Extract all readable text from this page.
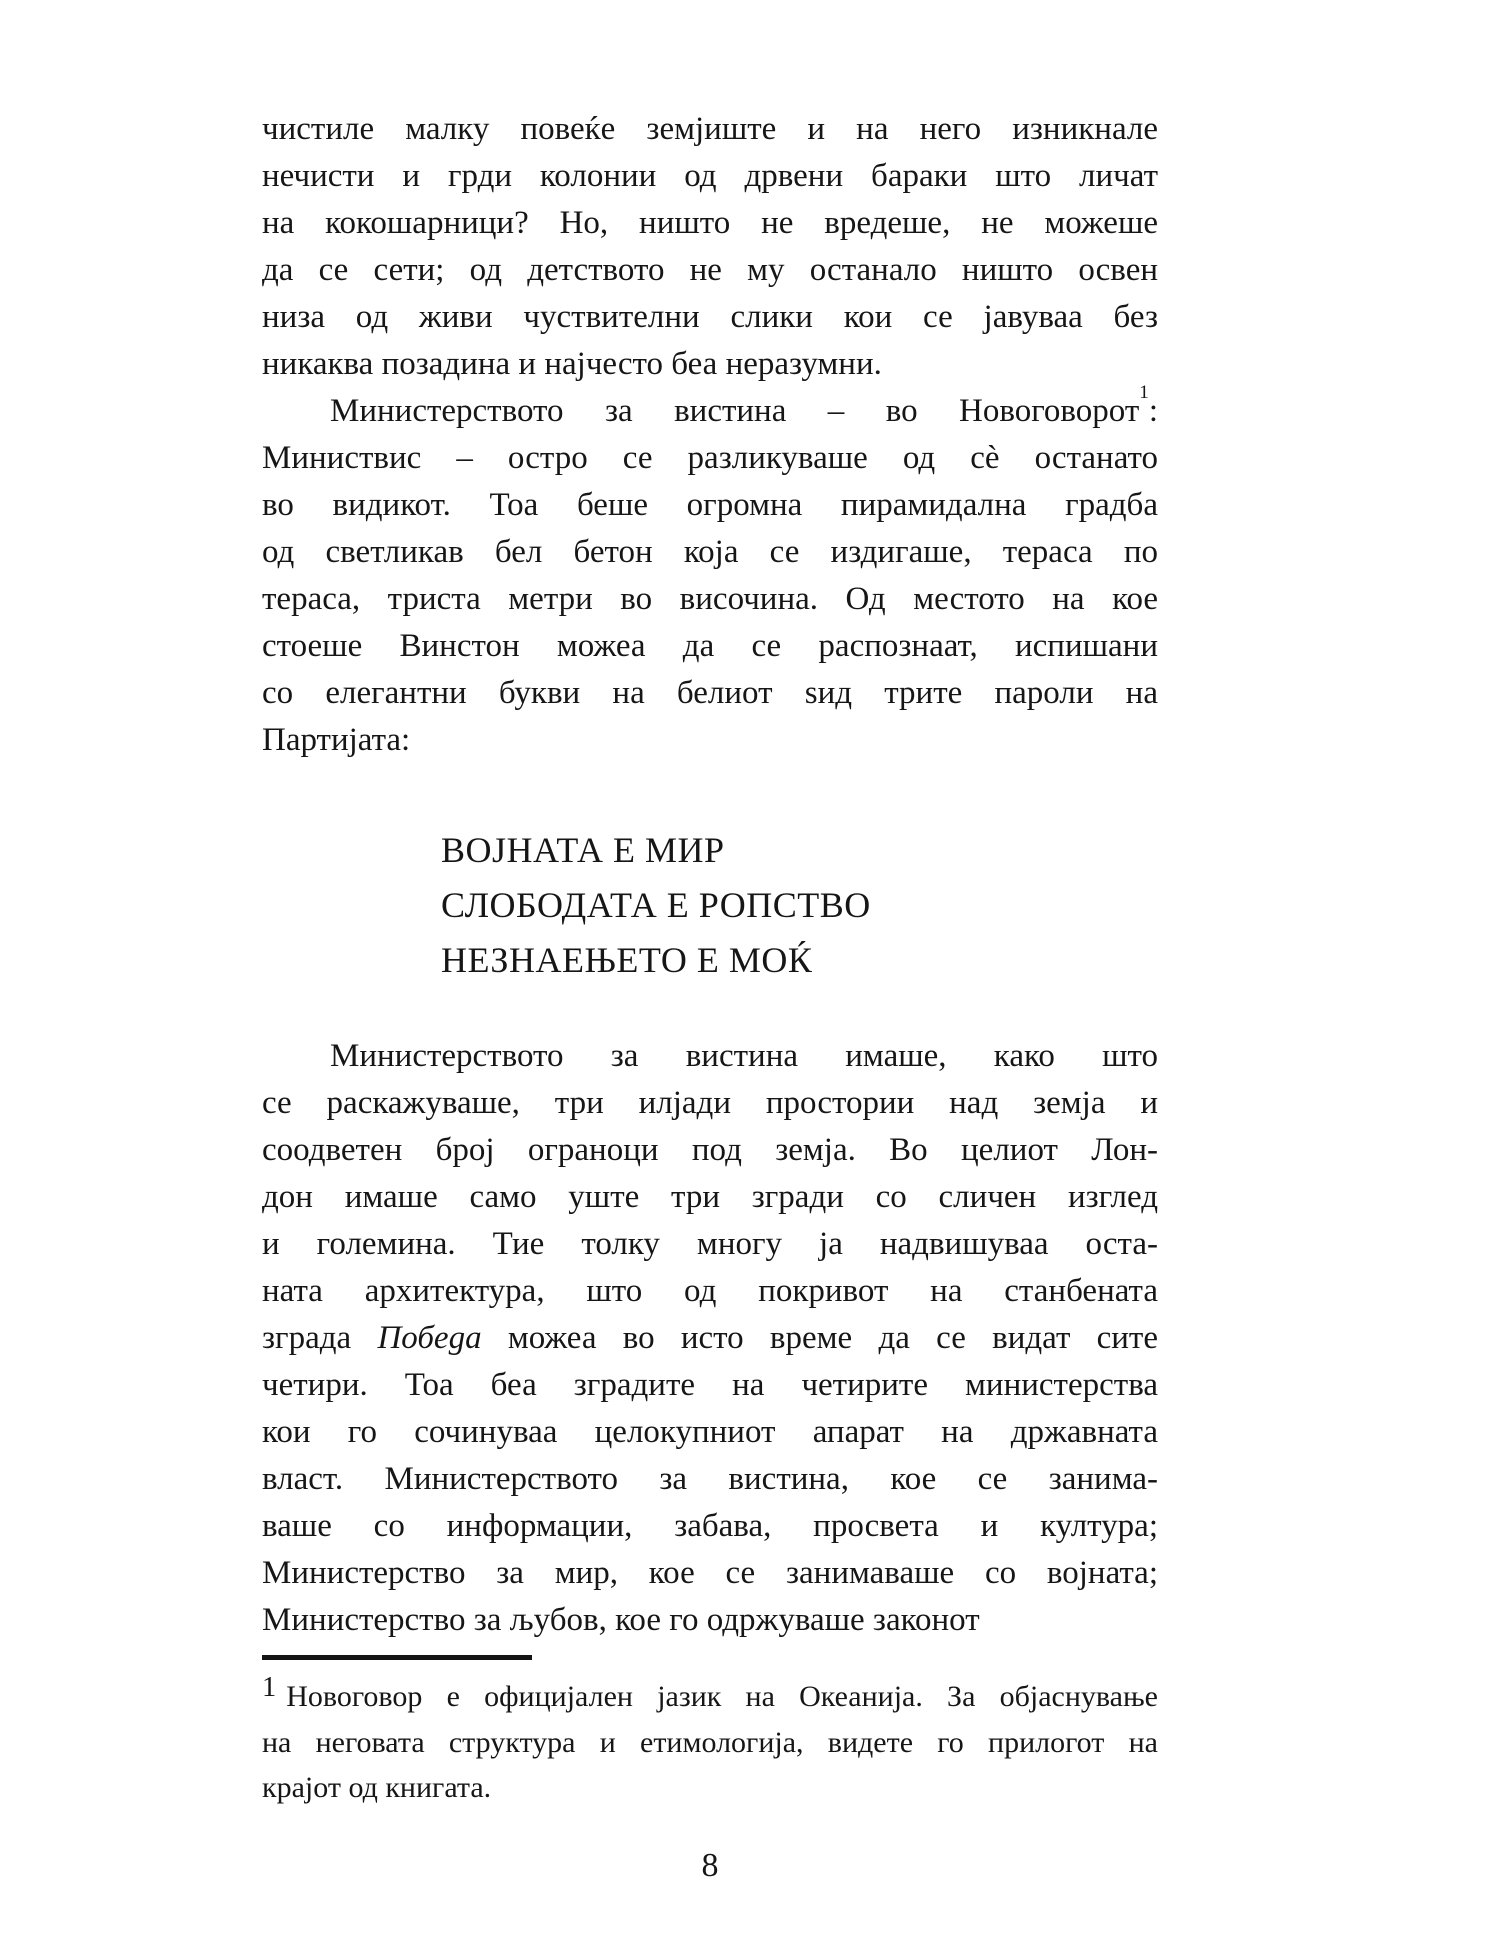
чистиле малку повеќе земјиште и на него изникнале
нечисти и грди колонии од дрвени бараки што личат
на кокошарници? Но, ништо не вредеше, не можеше
да се сети; од детството не му останало ништо освен
низа од живи чуствителни слики кои се јавуваа без
никаква позадина и најчесто беа неразумни.
Министерството за вистина – во Новоговорот$^1$:
Министвис – остро се разликуваше од сѐ останато
во видикот. Тоа беше огромна пирамидална градба
од светликав бел бетон која се издигаше, тераса по
тераса, триста метри во височина. Од местото на кое
стоеше Винстон можеа да се распознаат, испишани
со елегантни букви на белиот ѕид трите пароли на
Партијата:
ВОЈНАТА Е МИР
СЛОБОДАТА Е РОПСТВО
НЕЗНАЕЊЕТО Е МОЌ
Министерството за вистина имаше, како што
се раскажуваше, три илјади простории над земја и
соодветен број ограноци под земја. Во целиот Лон-
дон имаше само уште три згради со сличен изглед
и големина. Тие толку многу ја надвишуваа оста-
ната архитектура, што од покривот на станбената
зграда Победа можеа во исто време да се видат сите
четири. Тоа беа зградите на четирите министерства
кои го сочинуваа целокупниот апарат на државната
власт. Министерството за вистина, кое се занима-
ваше со информации, забава, просвета и култура;
Министерство за мир, кое се занимаваше со војната;
Министерство за љубов, кое го одржуваше законот
1 Новоговор е официјален јазик на Океанија. За објаснување
на неговата структура и етимологија, видете го прилогот на
крајот од книгата.
8
